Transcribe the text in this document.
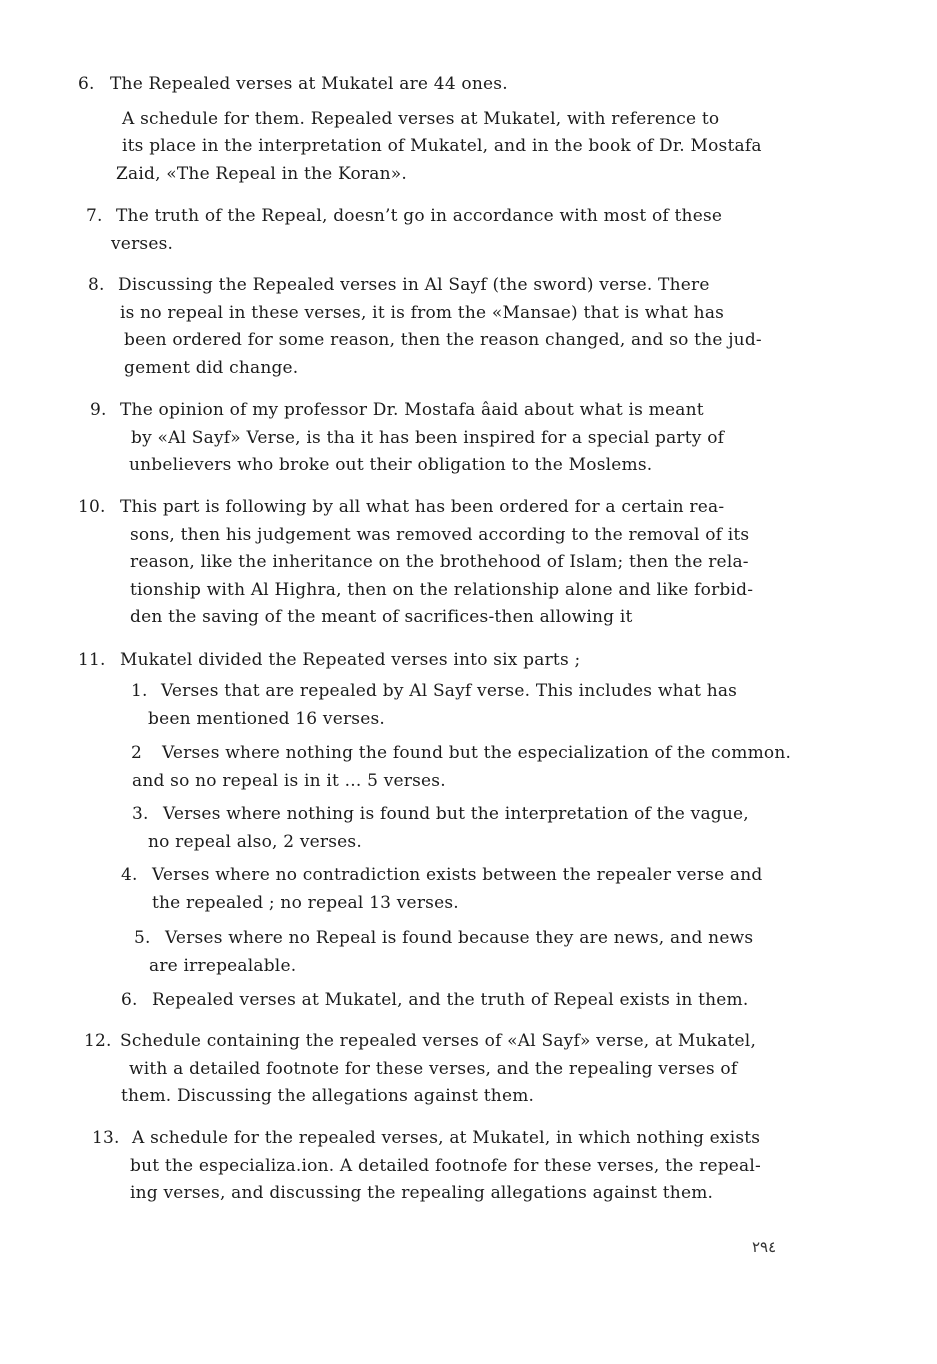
6. The Repealed verses at Mukatel are 44 ones.
A schedule for them. Repealed verses at Mukatel, with reference to
its place in the interpretation of Mukatel, and in the book of Dr. Mostafa
Zaid, «The Repeal in the Koran».
7. The truth of the Repeal, doesn’t go in accordance with most of these
verses.
8. Discussing the Repealed verses in Al Sayf (the sword) verse. There
is no repeal in these verses, it is from the «Mansae) that is what has
been ordered for some reason, then the reason changed, and so the jud-
gement did change.
9. The opinion of my professor Dr. Mostafa âaid about what is meant
by «Al Sayf» Verse, is tha it has been inspired for a special party of
unbelievers who broke out their obligation to the Moslems.
10. This part is following by all what has been ordered for a certain rea-
sons, then his judgement was removed according to the removal of its
reason, like the inheritance on the brothehood of Islam; then the rela-
tionship with Al Highra, then on the relationship alone and like forbid-
den the saving of the meant of sacrifices-then allowing it
11. Mukatel divided the Repeated verses into six parts ;
1. Verses that are repealed by Al Sayf verse. This includes what has
been mentioned 16 verses.
2 Verses where nothing the found but the especialization of the common.
and so no repeal is in it ... 5 verses.
3. Verses where nothing is found but the interpretation of the vague,
no repeal also, 2 verses.
4. Verses where no contradiction exists between the repealer verse and
the repealed ; no repeal 13 verses.
5. Verses where no Repeal is found because they are news, and news
are irrepealable.
6. Repealed verses at Mukatel, and the truth of Repeal exists in them.
12. Schedule containing the repealed verses of «Al Sayf» verse, at Mukatel,
with a detailed footnote for these verses, and the repealing verses of
them. Discussing the allegations against them.
13. A schedule for the repealed verses, at Mukatel, in which nothing exists
but the especializa.ion. A detailed footnofe for these verses, the repeal-
ing verses, and discussing the repealing allegations against them.
٢٩٤
